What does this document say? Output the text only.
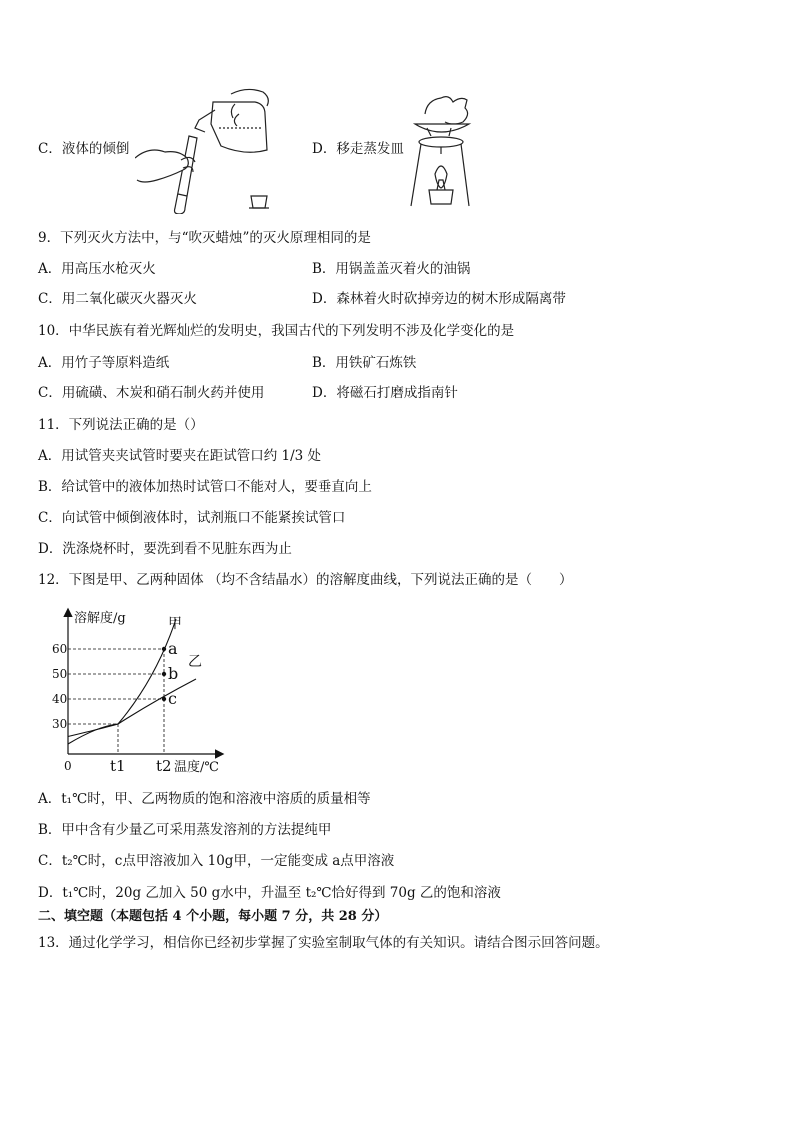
C．液体的倾倒	D．移走蒸发皿
9．下列灭火方法中，与“吹灭蜡烛”的灭火原理相同的是
A．用高压水枪灭火	B．用锅盖盖灭着火的油锅
C．用二氧化碳灭火器灭火	D．森林着火时砍掉旁边的树木形成隔离带
10．中华民族有着光辉灿烂的发明史，我国古代的下列发明不涉及化学变化的是
A．用竹子等原料造纸	B．用铁矿石炼铁
C．用硫磺、木炭和硝石制火药并使用	D．将磁石打磨成指南针
11．下列说法正确的是（）
A．用试管夹夹试管时要夹在距试管口约 1/3 处
B．给试管中的液体加热时试管口不能对人，要垂直向上
C．向试管中倾倒液体时，试剂瓶口不能紧挨试管口
D．洗涤烧杯时，要洗到看不见脏东西为止
12．下图是甲、乙两种固体 （均不含结晶水）的溶解度曲线，下列说法正确的是（　　）
溶解度/g
温度/℃
0
30
40
50
60
t1 t2
甲
乙
a
b
c
A．t₁℃时，甲、乙两物质的饱和溶液中溶质的质量相等
B．甲中含有少量乙可采用蒸发溶剂的方法提纯甲
C．t₂℃时，c点甲溶液加入 10g甲，一定能变成 a点甲溶液
D．t₁℃时，20g 乙加入 50 g水中，升温至 t₂℃恰好得到 70g 乙的饱和溶液
二、填空题（本题包括 4 个小题，每小题 7 分，共 28 分）
13．通过化学学习，相信你已经初步掌握了实验室制取气体的有关知识。请结合图示回答问题。
